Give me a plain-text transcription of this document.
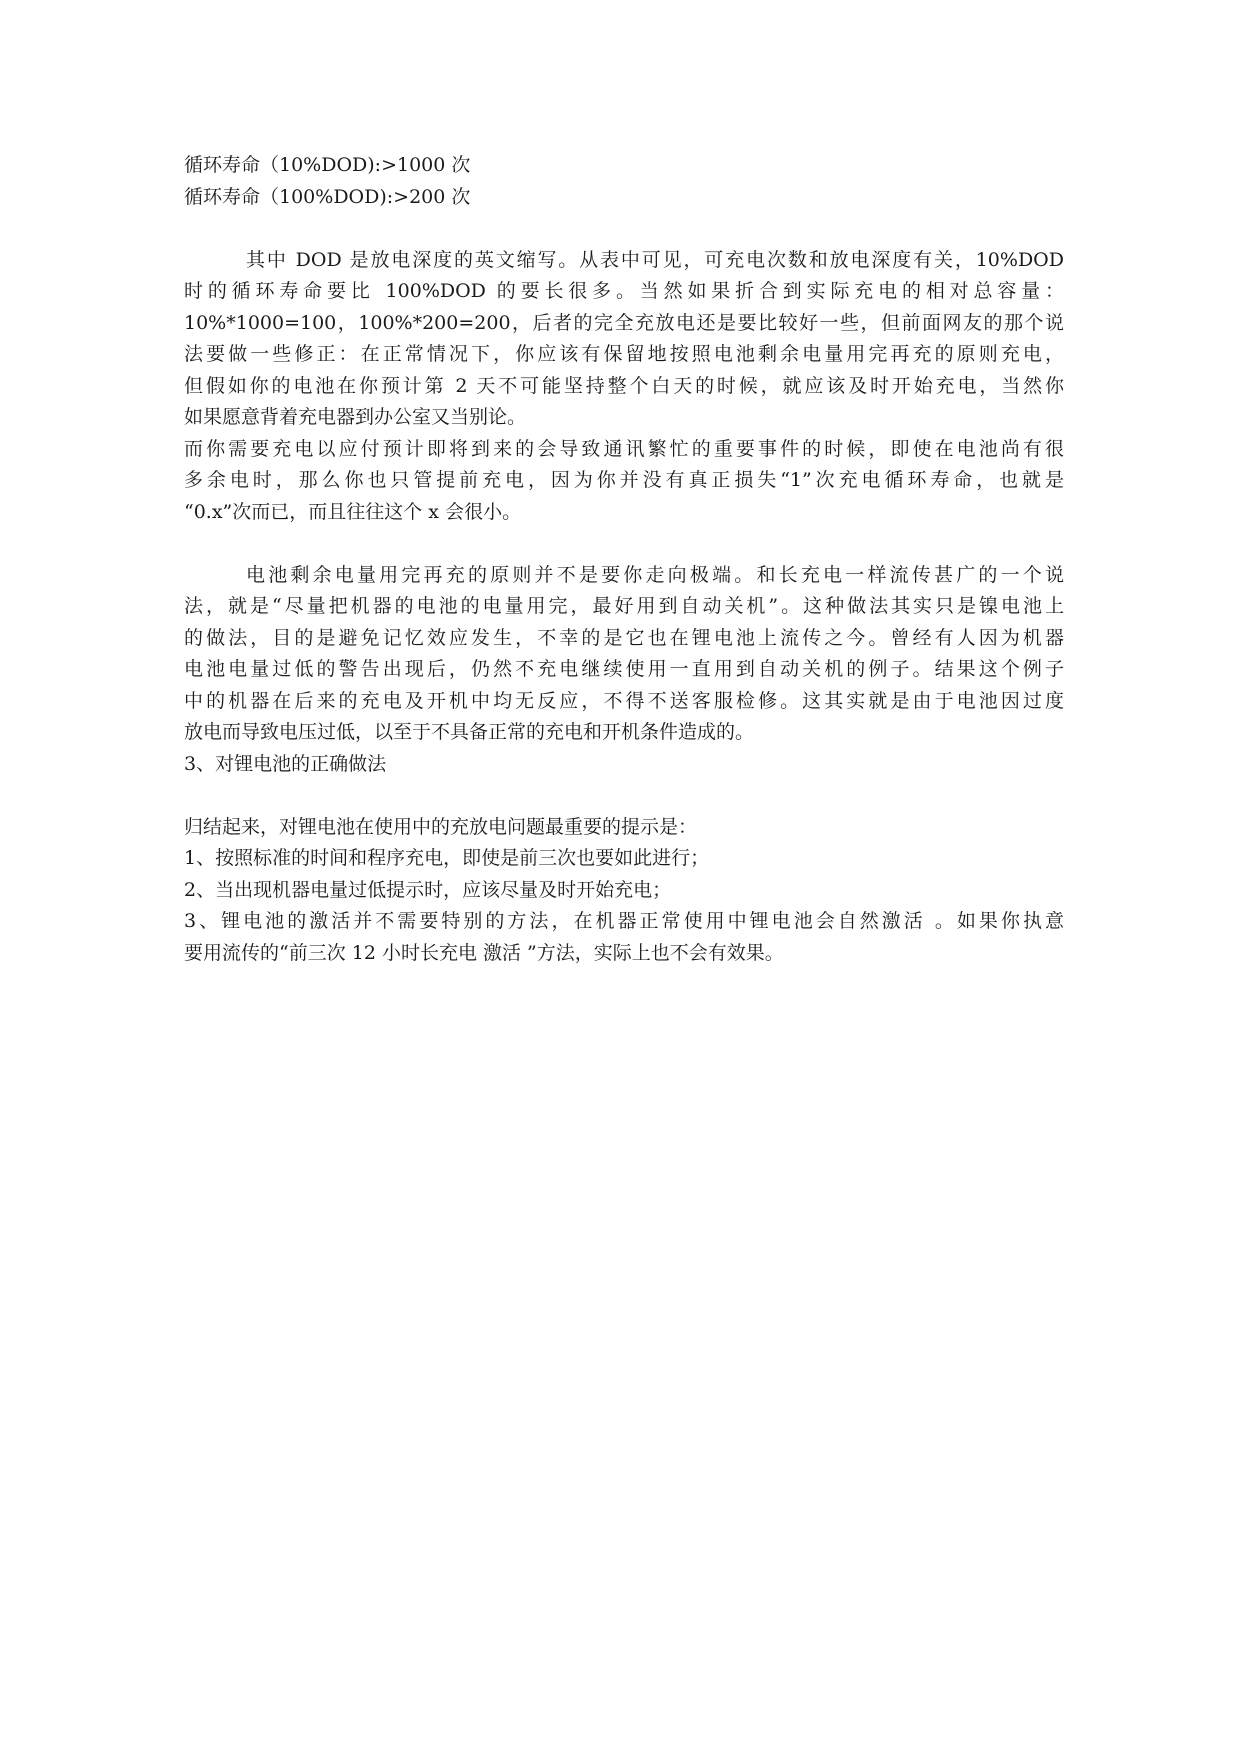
循环寿命（10%DOD):>1000 次
循环寿命（100%DOD):>200 次
其中 DOD 是放电深度的英文缩写。从表中可见，可充电次数和放电深度有关，10%DOD
时的循环寿命要比 100%DOD 的要长很多。当然如果折合到实际充电的相对总容量：
10%*1000=100，100%*200=200，后者的完全充放电还是要比较好一些，但前面网友的那个说
法要做一些修正：在正常情况下，你应该有保留地按照电池剩余电量用完再充的原则充电，
但假如你的电池在你预计第 2 天不可能坚持整个白天的时候，就应该及时开始充电，当然你
如果愿意背着充电器到办公室又当别论。
而你需要充电以应付预计即将到来的会导致通讯繁忙的重要事件的时候，即使在电池尚有很
多余电时，那么你也只管提前充电，因为你并没有真正损失“1”次充电循环寿命，也就是
“0.x”次而已，而且往往这个 x 会很小。
电池剩余电量用完再充的原则并不是要你走向极端。和长充电一样流传甚广的一个说
法，就是“尽量把机器的电池的电量用完，最好用到自动关机”。这种做法其实只是镍电池上
的做法，目的是避免记忆效应发生，不幸的是它也在锂电池上流传之今。曾经有人因为机器
电池电量过低的警告出现后，仍然不充电继续使用一直用到自动关机的例子。结果这个例子
中的机器在后来的充电及开机中均无反应，不得不送客服检修。这其实就是由于电池因过度
放电而导致电压过低，以至于不具备正常的充电和开机条件造成的。
3、对锂电池的正确做法
归结起来，对锂电池在使用中的充放电问题最重要的提示是：
1、按照标准的时间和程序充电，即使是前三次也要如此进行；
2、当出现机器电量过低提示时，应该尽量及时开始充电；
3、锂电池的激活并不需要特别的方法，在机器正常使用中锂电池会自然激活 。如果你执意
要用流传的“前三次 12 小时长充电 激活 ”方法，实际上也不会有效果。
